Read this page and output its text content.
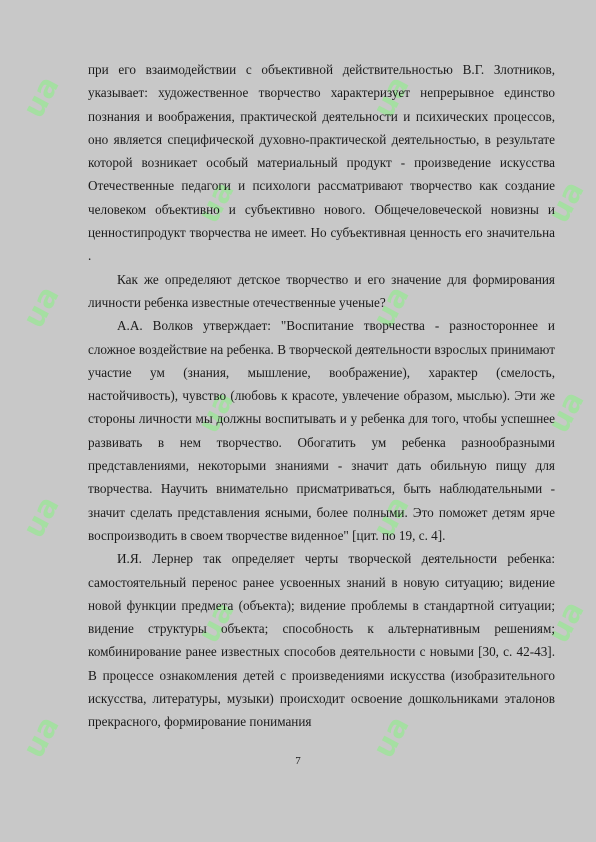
ua
ua
ua
ua
ua
ua
ua
ua
ua
ua
ua
ua
ua
ua

при его взаимодействии с объективной действительностью В.Г. Злотников, указывает: художественное творчество характеризует непрерывное единство познания и воображения, практической деятельности и психических процессов, оно является специфической духовно-практической деятельностью, в результате которой возникает особый материальный продукт - произведение искусства Отечественные педагоги и психологи рассматривают творчество как создание человеком объективно и субъективно нового. Общечеловеческой новизны и ценностипродукт творчества не имеет. Но субъективная ценность его значительна .

Как же определяют детское творчество и его значение для формирования личности ребенка известные отечественные ученые?

А.А. Волков утверждает: "Воспитание творчества - разностороннее и сложное воздействие на ребенка. В творческой деятельности взрослых принимают участие ум (знания, мышление, воображение), характер (смелость, настойчивость), чувство (любовь к красоте, увлечение образом, мыслью). Эти же стороны личности мы должны воспитывать и у ребенка для того, чтобы успешнее развивать в нем творчество. Обогатить ум ребенка разнообразными представлениями, некоторыми знаниями - значит дать обильную пищу для творчества. Научить внимательно присматриваться, быть наблюдательными - значит сделать представления ясными, более полными. Это поможет детям ярче воспроизводить в своем творчестве виденное" [цит. по 19, с. 4].

И.Я. Лернер так определяет черты творческой деятельности ребенка: самостоятельный перенос ранее усвоенных знаний в новую ситуацию; видение новой функции предмета (объекта); видение проблемы в стандартной ситуации; видение структуры объекта; способность к альтернативным решениям; комбинирование ранее известных способов деятельности с новыми [30, с. 42-43]. В процессе ознакомления детей с произведениями искусства (изобразительного искусства, литературы, музыки) происходит освоение дошкольниками эталонов прекрасного, формирование понимания

7
